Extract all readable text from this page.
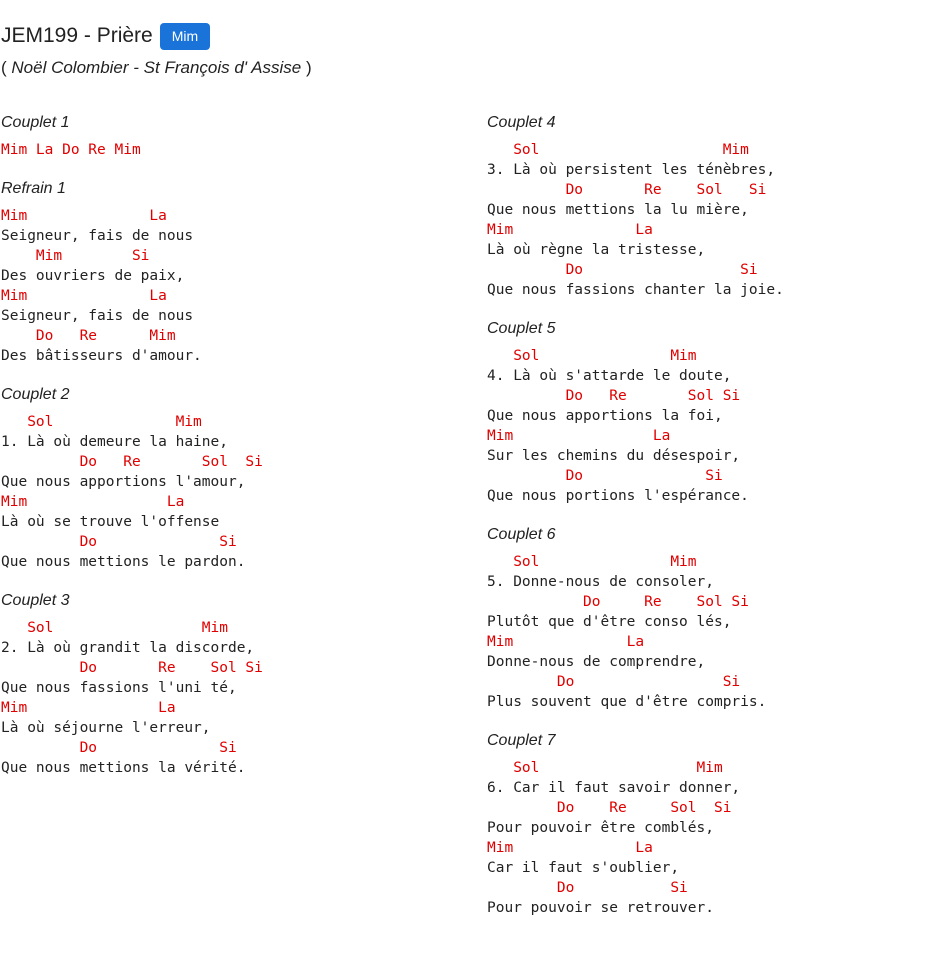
JEM199 - Prière	Mim
( Noël Colombier - St François d' Assise )
Couplet 1
Mim La Do Re Mim
Refrain 1
Mim              La
Seigneur, fais de nous
Mim        Si
Des ouvriers de paix,
Mim              La
Seigneur, fais de nous
Do   Re      Mim
Des bâtisseurs d'amour.
Couplet 2
Sol              Mim
1. Là où demeure la haine,
Do   Re       Sol  Si
Que nous apportions l'amour,
Mim                La
Là où se trouve l'offense
Do              Si
Que nous mettions le pardon.
Couplet 3
Sol                 Mim
2. Là où grandit la discorde,
Do       Re    Sol Si
Que nous fassions l'uni té,
Mim               La
Là où séjourne l'erreur,
Do              Si
Que nous mettions la vérité.
Couplet 4
Sol                     Mim
3. Là où persistent les ténèbres,
Do       Re    Sol   Si
Que nous mettions la lu mière,
Mim              La
Là où règne la tristesse,
Do                  Si
Que nous fassions chanter la joie.
Couplet 5
Sol               Mim
4. Là où s'attarde le doute,
Do   Re       Sol Si
Que nous apportions la foi,
Mim                La
Sur les chemins du désespoir,
Do              Si
Que nous portions l'espérance.
Couplet 6
Sol               Mim
5. Donne-nous de consoler,
Do     Re    Sol Si
Plutôt que d'être conso lés,
Mim             La
Donne-nous de comprendre,
Do                 Si
Plus souvent que d'être compris.
Couplet 7
Sol                  Mim
6. Car il faut savoir donner,
Do    Re     Sol  Si
Pour pouvoir être comblés,
Mim              La
Car il faut s'oublier,
Do           Si
Pour pouvoir se retrouver.
